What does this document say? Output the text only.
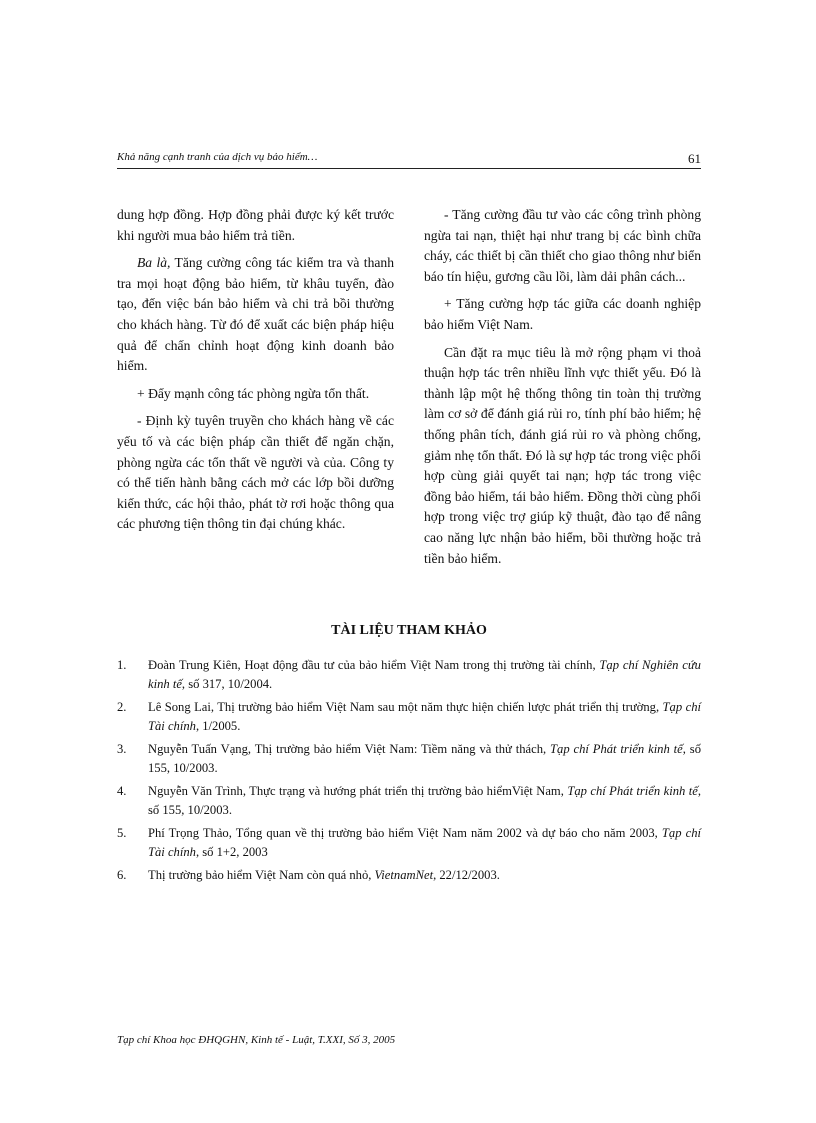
Khả năng cạnh tranh của dịch vụ bảo hiểm…	61

dung hợp đồng. Hợp đồng phải được ký kết trước khi người mua bảo hiểm trả tiền.

Ba là, Tăng cường công tác kiểm tra và thanh tra mọi hoạt động bảo hiểm, từ khâu tuyển, đào tạo, đến việc bán bảo hiểm và chi trả bồi thường cho khách hàng. Từ đó để xuất các biện pháp hiệu quả để chấn chỉnh hoạt động kinh doanh bảo hiểm.

+ Đẩy mạnh công tác phòng ngừa tổn thất.

- Định kỳ tuyên truyền cho khách hàng về các yếu tố và các biện pháp cần thiết để ngăn chặn, phòng ngừa các tổn thất về người và của. Công ty có thể tiến hành bằng cách mở các lớp bồi dưỡng kiến thức, các hội thảo, phát tờ rơi hoặc thông qua các phương tiện thông tin đại chúng khác.

- Tăng cường đầu tư vào các công trình phòng ngừa tai nạn, thiệt hại như trang bị các bình chữa cháy, các thiết bị cần thiết cho giao thông như biển báo tín hiệu, gương cầu lồi, làm dải phân cách...

+ Tăng cường hợp tác giữa các doanh nghiệp bảo hiểm Việt Nam.

Cần đặt ra mục tiêu là mở rộng phạm vi thoả thuận hợp tác trên nhiều lĩnh vực thiết yếu. Đó là thành lập một hệ thống thông tin toàn thị trường làm cơ sở để đánh giá rủi ro, tính phí bảo hiểm; hệ thống phân tích, đánh giá rủi ro và phòng chống, giảm nhẹ tổn thất. Đó là sự hợp tác trong việc phối hợp cùng giải quyết tai nạn; hợp tác trong việc đồng bảo hiểm, tái bảo hiểm. Đồng thời cùng phối hợp trong việc trợ giúp kỹ thuật, đào tạo để nâng cao năng lực nhận bảo hiểm, bồi thường hoặc trả tiền bảo hiểm.

TÀI LIỆU THAM KHẢO
1. Đoàn Trung Kiên, Hoạt động đầu tư của bảo hiểm Việt Nam trong thị trường tài chính, Tạp chí Nghiên cứu kinh tế, số 317, 10/2004.
2. Lê Song Lai, Thị trường bảo hiểm Việt Nam sau một năm thực hiện chiến lược phát triển thị trường, Tạp chí Tài chính, 1/2005.
3. Nguyễn Tuấn Vạng, Thị trường bảo hiểm Việt Nam: Tiềm năng và thử thách, Tạp chí Phát triển kinh tế, số 155, 10/2003.
4. Nguyễn Văn Trình, Thực trạng và hướng phát triển thị trường bảo hiểmViệt Nam, Tạp chí Phát triển kinh tế, số 155, 10/2003.
5. Phí Trọng Thảo, Tổng quan về thị trường bảo hiểm Việt Nam năm 2002 và dự báo cho năm 2003, Tạp chí Tài chính, số 1+2, 2003
6. Thị trường bảo hiểm Việt Nam còn quá nhỏ, VietnamNet, 22/12/2003.
Tạp chí Khoa học ĐHQGHN, Kinh tế - Luật, T.XXI, Số 3, 2005
